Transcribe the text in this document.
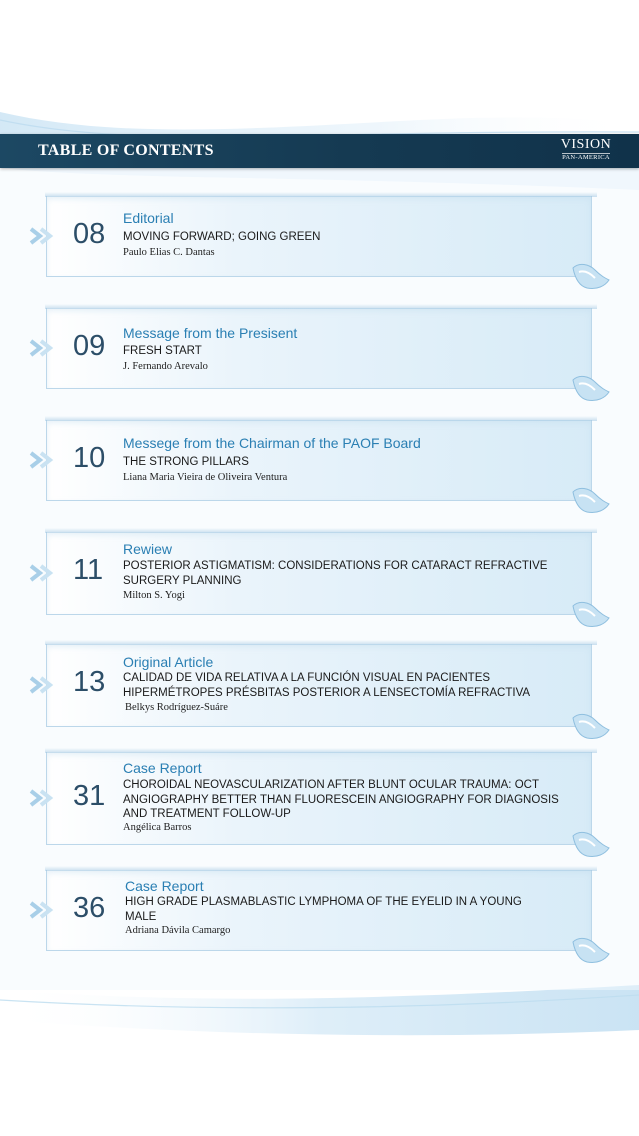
TABLE OF CONTENTS	VISION
PAN-AMERICA
08 Editorial
MOVING FORWARD; GOING GREEN
Paulo Elias C. Dantas
09 Message from the Presisent
FRESH START
J. Fernando Arevalo
10 Messege from the Chairman of the PAOF Board
THE STRONG PILLARS
Liana Maria Vieira de Oliveira Ventura
11
Rewiew
POSTERIOR ASTIGMATISM: CONSIDERATIONS FOR CATARACT REFRACTIVE SURGERY PLANNING
Milton S. Yogi
13
Original Article
CALIDAD DE VIDA RELATIVA A LA FUNCIÓN VISUAL EN PACIENTES HIPERMÉTROPES PRÉSBITAS POSTERIOR A LENSECTOMÍA REFRACTIVA
Belkys Rodríguez-Suáre
31
Case Report
CHOROIDAL NEOVASCULARIZATION AFTER BLUNT OCULAR TRAUMA: OCT ANGIOGRAPHY BETTER THAN FLUORESCEIN ANGIOGRAPHY FOR DIAGNOSIS AND TREATMENT FOLLOW-UP
Angélica Barros
36
Case Report
HIGH GRADE PLASMABLASTIC LYMPHOMA OF THE EYELID IN A YOUNG MALE
Adriana Dávila Camargo
